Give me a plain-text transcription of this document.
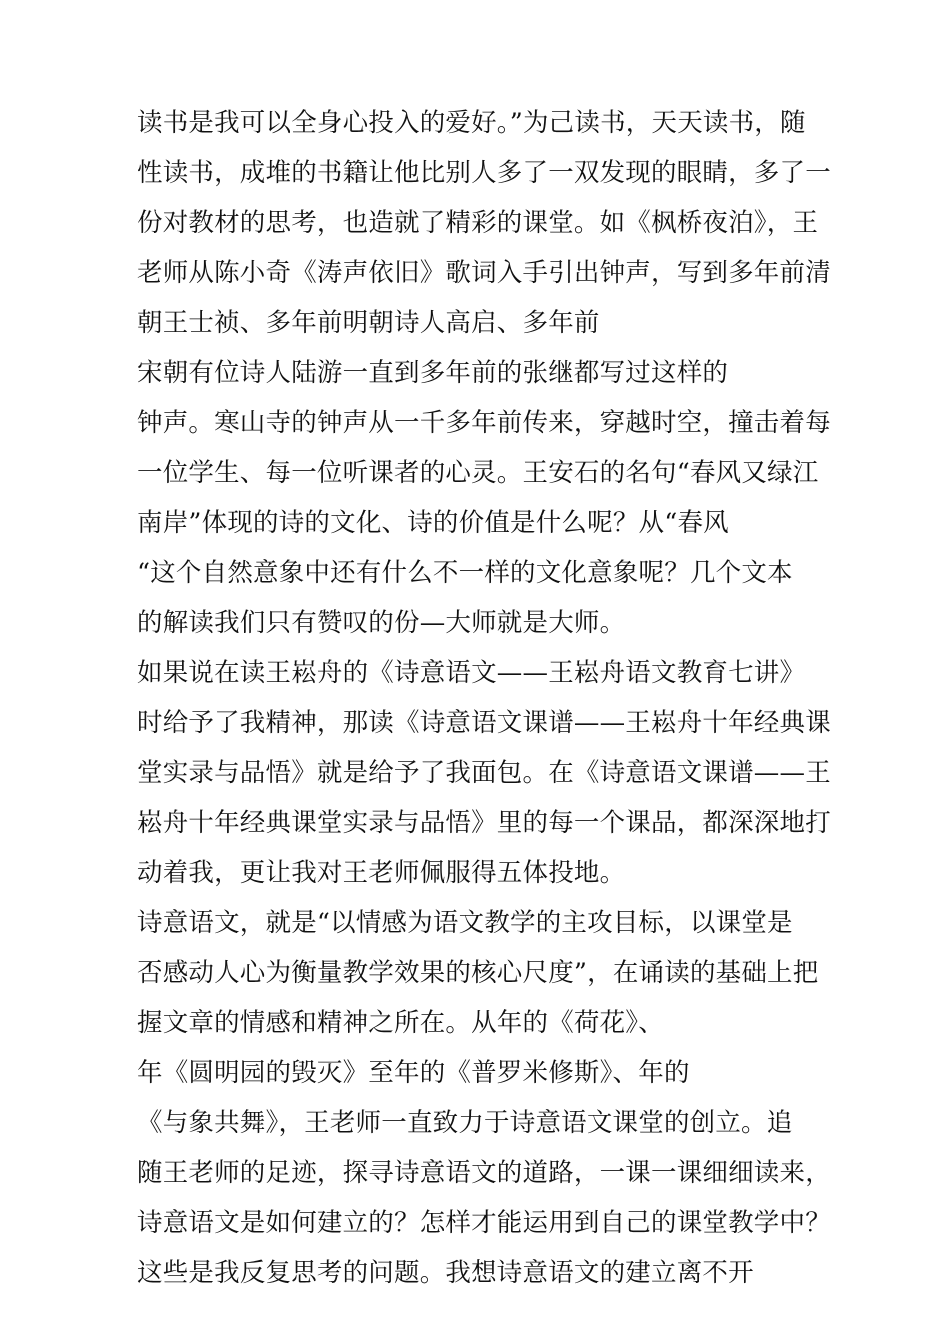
读书是我可以全身心投入的爱好。”为己读书，天天读书，随
性读书，成堆的书籍让他比别人多了一双发现的眼睛，多了一
份对教材的思考，也造就了精彩的课堂。如《枫桥夜泊》，王
老师从陈小奇《涛声依旧》歌词入手引出钟声，写到多年前清
朝王士祯、多年前明朝诗人高启、多年前
宋朝有位诗人陆游一直到多年前的张继都写过这样的
钟声。寒山寺的钟声从一千多年前传来，穿越时空，撞击着每
一位学生、每一位听课者的心灵。王安石的名句“春风又绿江
南岸”体现的诗的文化、诗的价值是什么呢？从“春风
“这个自然意象中还有什么不一样的文化意象呢？几个文本
的解读我们只有赞叹的份—大师就是大师。
如果说在读王崧舟的《诗意语文——王崧舟语文教育七讲》
时给予了我精神，那读《诗意语文课谱——王崧舟十年经典课
堂实录与品悟》就是给予了我面包。在《诗意语文课谱——王
崧舟十年经典课堂实录与品悟》里的每一个课品，都深深地打
动着我，更让我对王老师佩服得五体投地。
诗意语文，就是“以情感为语文教学的主攻目标，以课堂是
否感动人心为衡量教学效果的核心尺度”，在诵读的基础上把
握文章的情感和精神之所在。从年的《荷花》、
年《圆明园的毁灭》至年的《普罗米修斯》、年的
《与象共舞》，王老师一直致力于诗意语文课堂的创立。追
随王老师的足迹，探寻诗意语文的道路，一课一课细细读来，
诗意语文是如何建立的？怎样才能运用到自己的课堂教学中？
这些是我反复思考的问题。我想诗意语文的建立离不开
